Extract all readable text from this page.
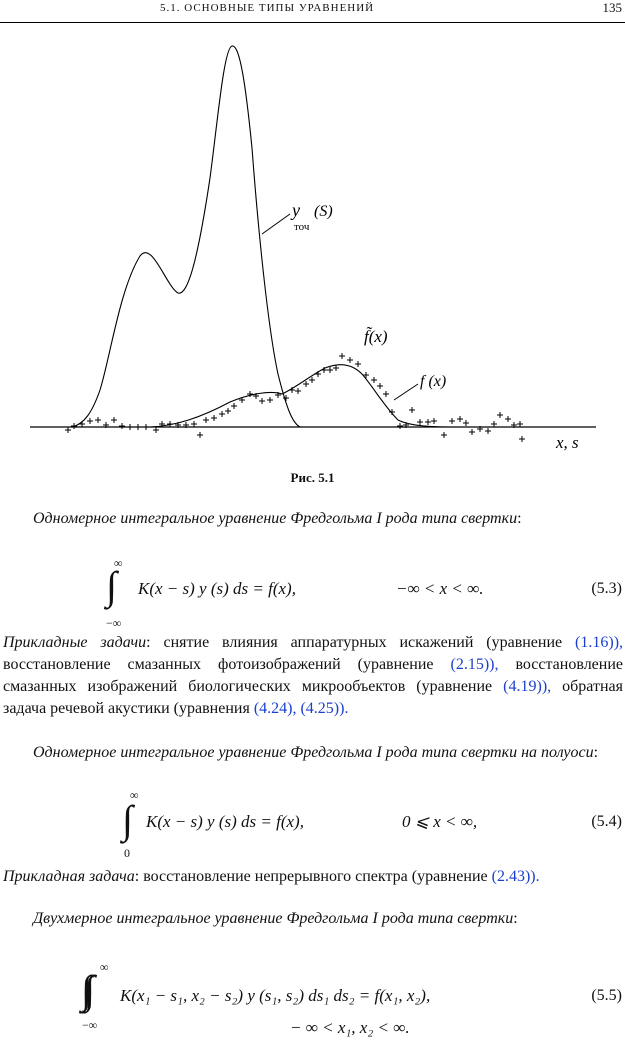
5.1. ОСНОВНЫЕ ТИПЫ УРАВНЕНИЙ	135
y
точ
(S)
f̃(x)
f (x)
x, s
Рис. 5.1
Одномерное интегральное уравнение Фредгольма I рода типа свертки:
∞
∫
−∞
K(x − s) y (s) ds = f(x),	−∞ < x < ∞.	(5.3)
Прикладные задачи: снятие влияния аппаратурных искажений (уравнение (1.16)), восстановление смазанных фотоизображений (уравнение (2.15)), восстановление смазанных изображений биологических микрообъектов (уравнение (4.19)), обратная задача речевой акустики (уравнения (4.24), (4.25)).
Одномерное интегральное уравнение Фредгольма I рода типа свертки на полуоси:
∞
∫
0
K(x − s) y (s) ds = f(x),	0 ⩽ x < ∞,	(5.4)
Прикладная задача: восстановление непрерывного спектра (уравнение (2.43)).
Двухмерное интегральное уравнение Фредгольма I рода типа свертки:
∞
−∞
K(x₁ − s₁, x₂ − s₂) y (s₁, s₂) ds₁ ds₂ = f(x₁, x₂),	(5.5)
− ∞ < x₁, x₂ < ∞.
